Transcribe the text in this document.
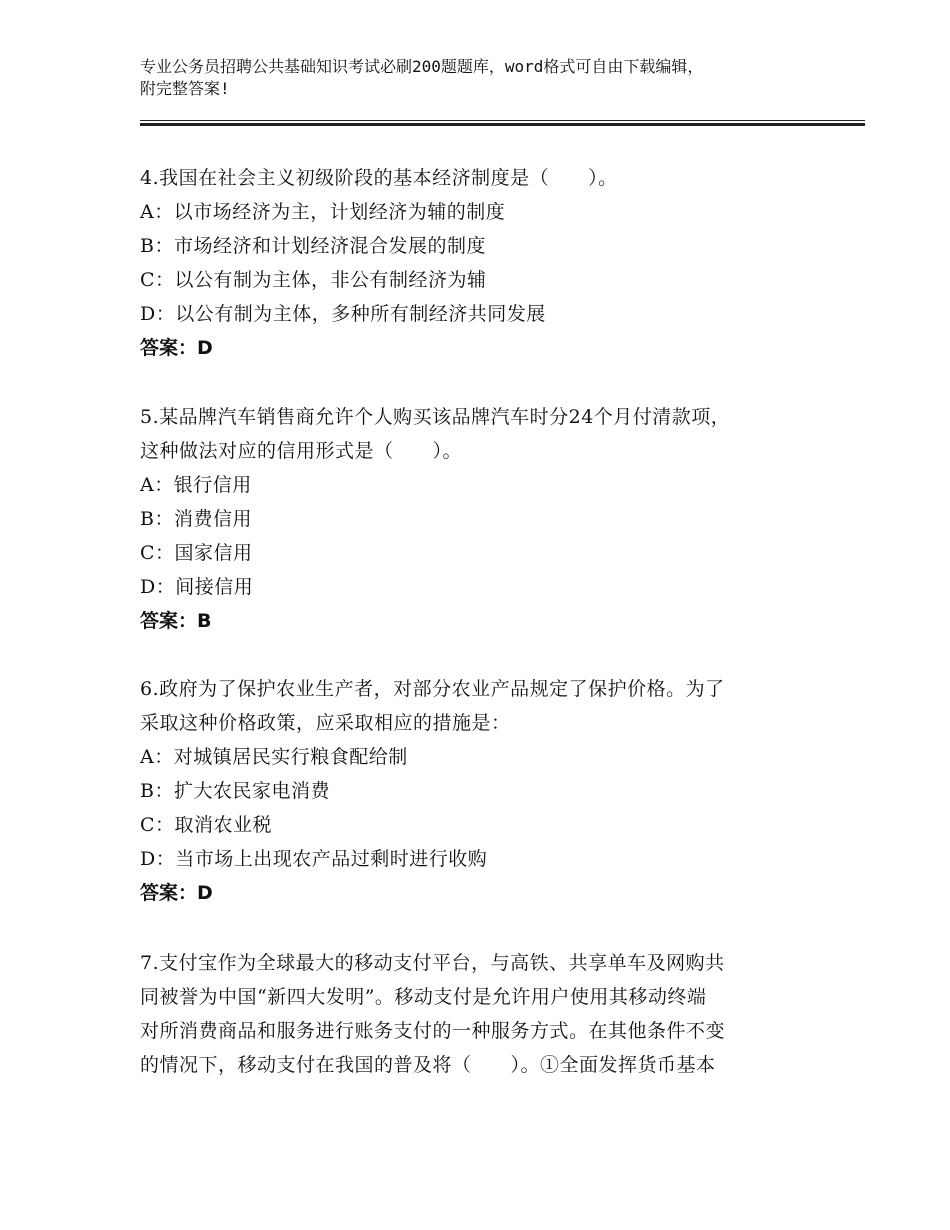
专业公务员招聘公共基础知识考试必刷200题题库，word格式可自由下载编辑，
附完整答案!
4.我国在社会主义初级阶段的基本经济制度是（　　）。
A：以市场经济为主，计划经济为辅的制度
B：市场经济和计划经济混合发展的制度
C：以公有制为主体，非公有制经济为辅
D：以公有制为主体，多种所有制经济共同发展
答案：D
5.某品牌汽车销售商允许个人购买该品牌汽车时分24个月付清款项，
这种做法对应的信用形式是（　　）。
A：银行信用
B：消费信用
C：国家信用
D：间接信用
答案：B
6.政府为了保护农业生产者，对部分农业产品规定了保护价格。为了
采取这种价格政策，应采取相应的措施是：
A：对城镇居民实行粮食配给制
B：扩大农民家电消费
C：取消农业税
D：当市场上出现农产品过剩时进行收购
答案：D
7.支付宝作为全球最大的移动支付平台，与高铁、共享单车及网购共
同被誉为中国“新四大发明”。移动支付是允许用户使用其移动终端
对所消费商品和服务进行账务支付的一种服务方式。在其他条件不变
的情况下，移动支付在我国的普及将（　　）。①全面发挥货币基本
